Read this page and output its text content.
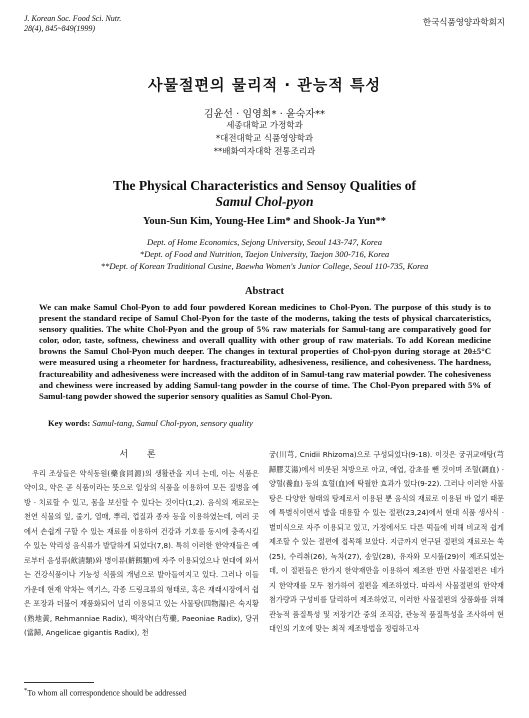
J. Korean Soc. Food Sci. Nutr.
28(4), 845~849(1999)
한국식품영양과학회지
사물절편의 물리적 · 관능적 특성
김윤선 · 임영희* · 윤숙자**
세종대학교 가정학과
*대전대학교 식품영양학과
**배화여자대학 전통조리과
The Physical Characteristics and Sensoy Qualities of
Samul Chol-pyon
Youn-Sun Kim, Young-Hee Lim* and Shook-Ja Yun**
Dept. of Home Economics, Sejong University, Seoul 143-747, Korea
*Dept. of Food and Nutrition, Taejon University, Taejon 300-716, Korea
**Dept. of Korean Traditional Cusine, Baewha Women's Junior College, Seoul 110-735, Korea
Abstract
We can make Samul Chol-Pyon to add four powdered Korean medicines to Chol-Pyon. The purpose of this study is to present the standard recipe of Samul Chol-Pyon for the taste of the moderns, taking the tests of physical charcateristics, sensory qualities. The white Chol-Pyon and the group of 5% raw materials for Samul-tang are comparatively good for color, odor, taste, softness, chewiness and overall quallity with other group of raw materials. To add Korean medicine browns the Samul Chol-Pyon much deeper. The changes in textural properties of Chol-pyon during storage at 20±5°C were measured using a rheometer for hardness, fractureability, adhesiveness, resilience, and cohesiveness. The hardness, fractureability and adhesiveness were increased with the additon of in Samul-tang raw material powder. The cohesiveness and chewiness were increased by adding Samul-tang powder in the course of time. The Chol-Pyon prepared with 5% of Samul-tang powder showed the superior sensory qualities as Samul Chol-Pyon.
Key words: Samul-tang, Samul Chol-pyon, sensory quality
서 론

우리 조상들은 약식동원(藥食同源)의 생활관을 지녀 는데, 이는 식품은 약이요, 약은 곧 식품이라는 뜻으로 일상의 식품을 이용하여 모든 질병을 예방 · 치료할 수 있고, 몸을 보신할 수 있다는 것이다(1,2). 음식의 재료로는 천연 식물의 잎, 줄기, 열매, 뿌리, 껍질과 종자 등을 이용하였는데, 여러 곳에서 손쉽게 구할 수 있는 재료를 이용하여 건강과 기호를 동시에 충족시킬 수 있는 약리성 음식류가 발달하게 되었다(7,8). 특히 이러한 한약재들은 예로부터 음성류(飮淸類)와 병이류(餠餌類)에 자주 이용되었으나 현대에 와서는 건강식품이나 기능성 식품의 개념으로 발아들여지고 있다. 그러나 이들 가운데 현재 약차는 엑기스, 각종 드링크류의 형태로, 혹은 재래시장에서 쉽은 포장과 더불어 재품화되어 널리 이용되고 있는 사물탕(四物湯)은 숙지황(熟地黃, Rehmanniae Radix), 백작약(白芍藥, Paeoniae Radix), 당귀(當歸, Angelicae gigantis Radix), 천

궁(川芎, Cnidii Rhizoma)으로 구성되었다(9-18). 이것은 궁귀교애탕(芎歸膠艾湯)에서 비롯된 처방으로 아교, 애엽, 감초를 뺀 것이며 조혈(調血) · 양혈(養血) 등의 효혈(血)에 탁월한 효과가 있다(9-22). 그러나 이러한 사물탕은 다양한 형태의 탕제로서 이용된 뿐 음식의 재료로 이용된 바 없기 때문에 특별식이면서 밥을 대용할 수 있는 절편(23,24)에서 현대 식품 생사식 · 별미식으로 자주 이용되고 있고, 가정에서도 다른 떡들에 비해 비교적 쉽게 제조할 수 있는 절편에 접목해 보았다. 지금까지 연구된 절편의 재료로는 쑥(25), 수리취(26), 녹차(27), 송잎(28), 유자와 모시풀(29)이 제조되었는데, 이 절편들은 한가지 한약재만을 이용하여 제조한 반면 사물절편은 네가지 한약재를 모두 첨가하여 절편을 제조하였다. 따라서 사물절편의 한약재 첨가량과 구성비를 달리하여 제조하였고, 이러한 사물절편의 상품화를 위해 관능적 품질특성 및 저장기간 중의 조직감, 관능적 품질특성을 조사하여 현대인의 기호에 맞는 최적 제조방법을 정립하고자

*To whom all correspondence should be addressed
